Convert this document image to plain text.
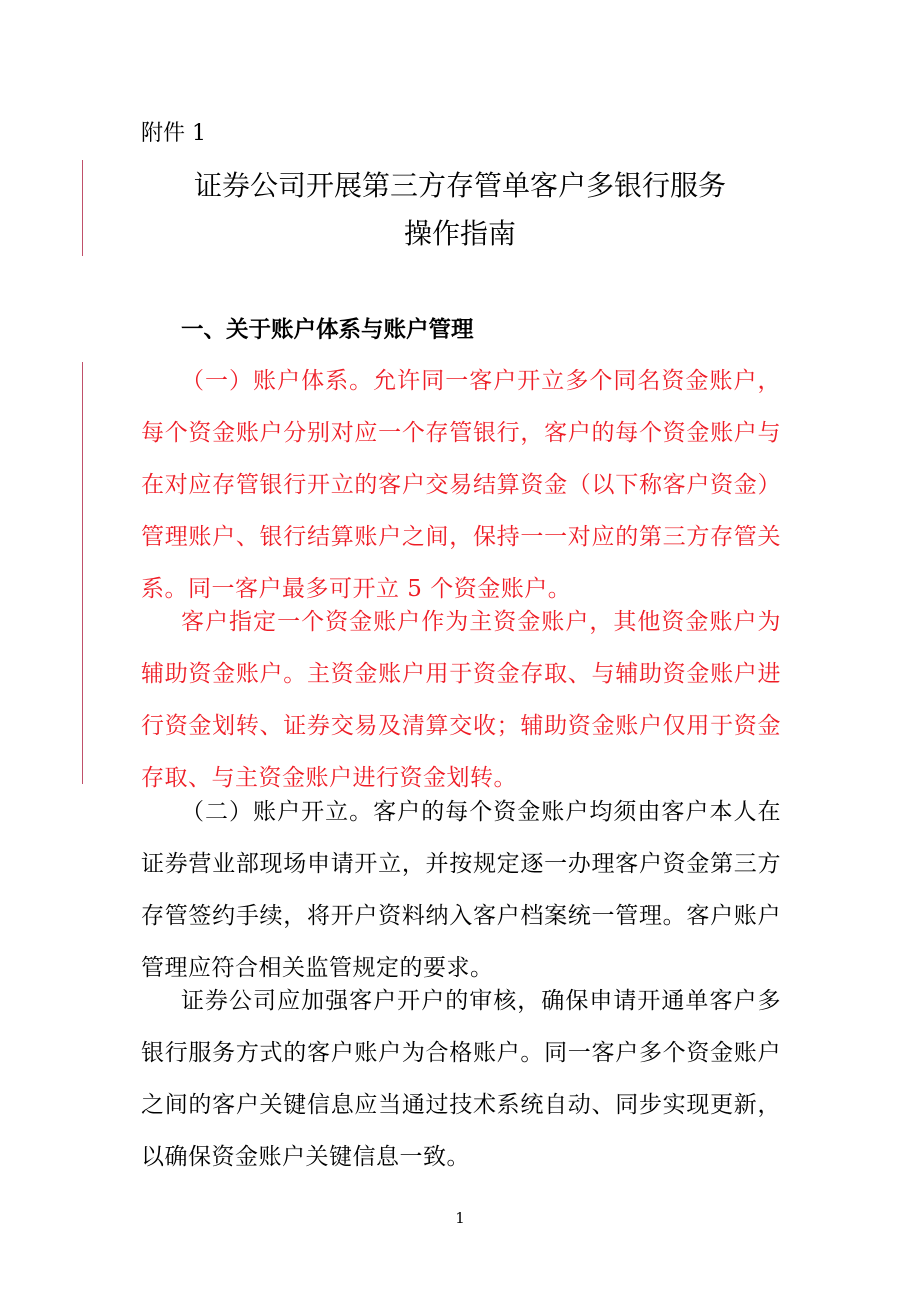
附件 1
证券公司开展第三方存管单客户多银行服务
操作指南
一、关于账户体系与账户管理

（一）账户体系。允许同一客户开立多个同名资金账户，每个资金账户分别对应一个存管银行，客户的每个资金账户与在对应存管银行开立的客户交易结算资金（以下称客户资金）管理账户、银行结算账户之间，保持一一对应的第三方存管关系。同一客户最多可开立 5 个资金账户。

客户指定一个资金账户作为主资金账户，其他资金账户为辅助资金账户。主资金账户用于资金存取、与辅助资金账户进行资金划转、证券交易及清算交收；辅助资金账户仅用于资金存取、与主资金账户进行资金划转。

（二）账户开立。客户的每个资金账户均须由客户本人在证券营业部现场申请开立，并按规定逐一办理客户资金第三方存管签约手续，将开户资料纳入客户档案统一管理。客户账户管理应符合相关监管规定的要求。

证券公司应加强客户开户的审核，确保申请开通单客户多银行服务方式的客户账户为合格账户。同一客户多个资金账户之间的客户关键信息应当通过技术系统自动、同步实现更新，以确保资金账户关键信息一致。

1
